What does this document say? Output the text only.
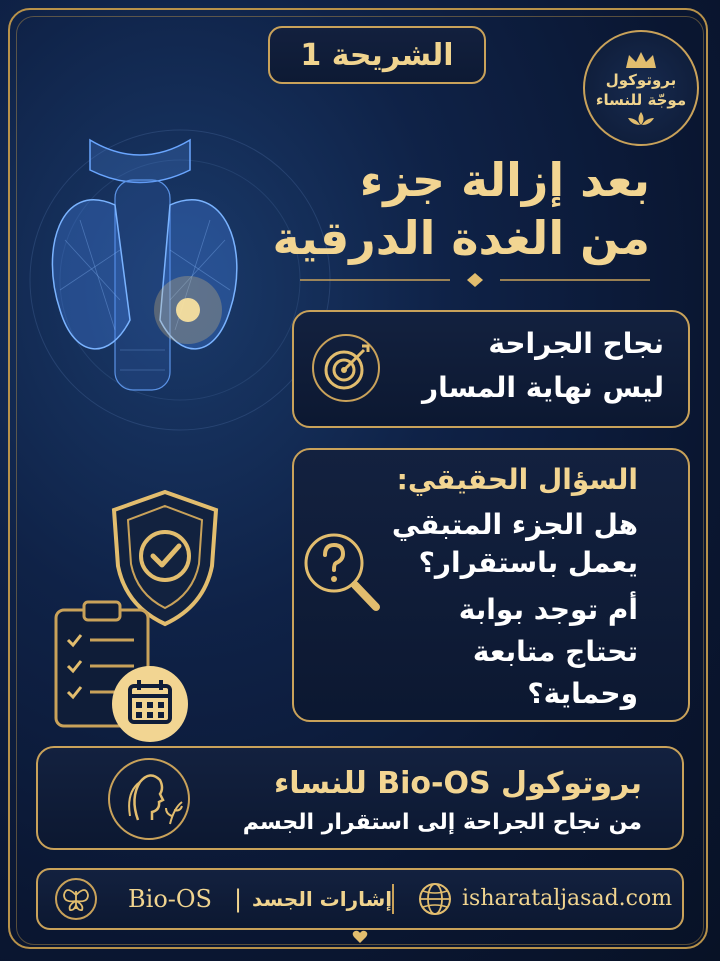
الشريحة 1
بروتوكول
موجّة للنساء
بعد إزالة جزء
من الغدة الدرقية
نجاح الجراحة
ليس نهاية المسار
السؤال الحقيقي:
هل الجزء المتبقي
يعمل باستقرار؟
أم توجد بوابة
تحتاج متابعة
وحماية؟
بروتوكول Bio-OS للنساء
من نجاح الجراحة إلى استقرار الجسم
Bio-OS | إشارات الجسد	isharataljasad.com
